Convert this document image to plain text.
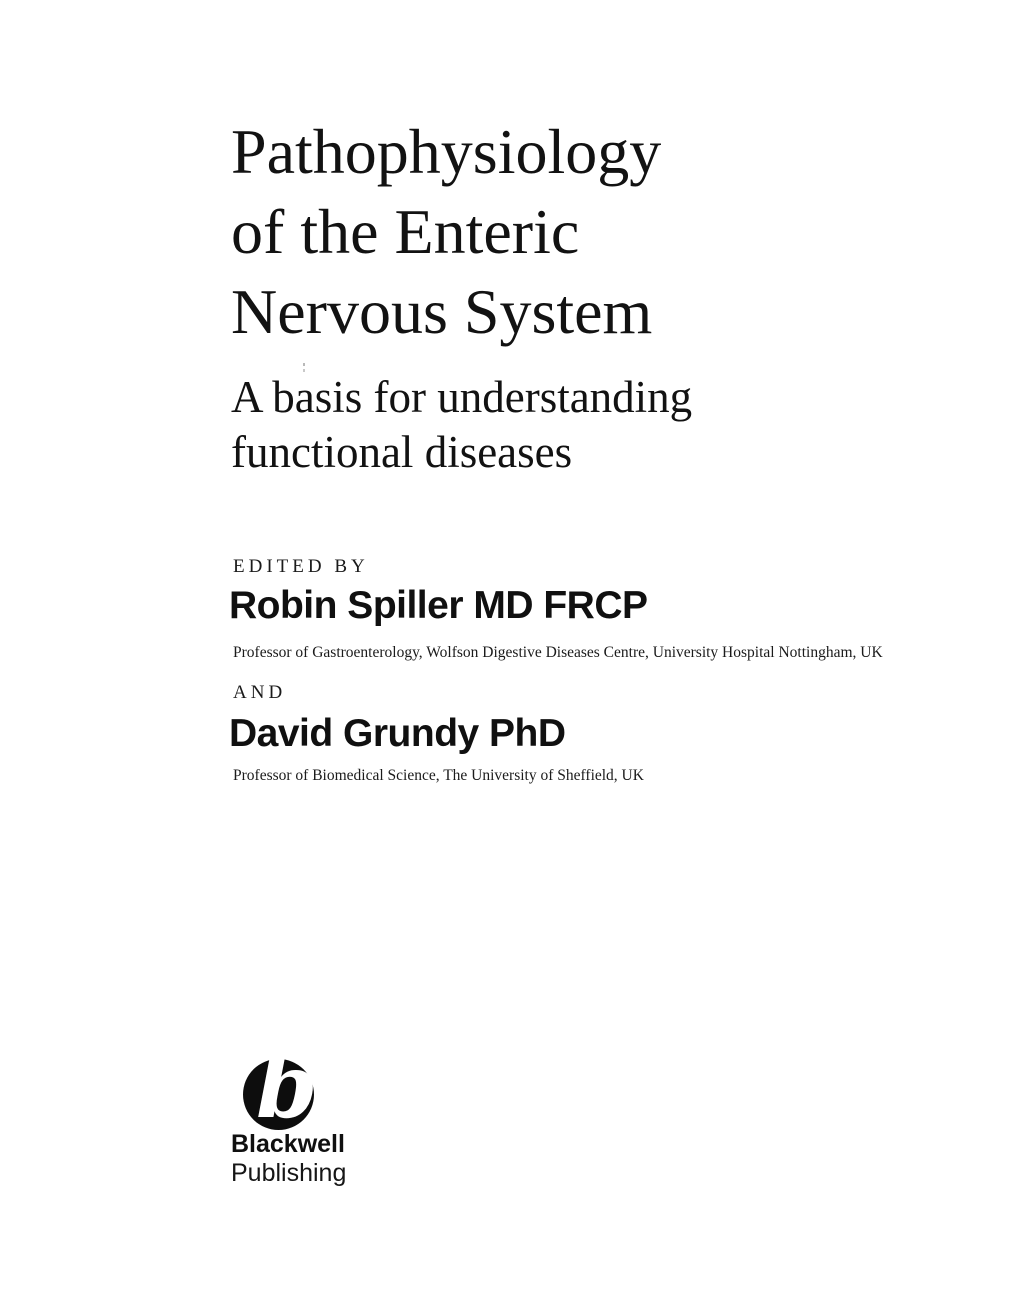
Pathophysiology
of the Enteric
Nervous System
A basis for understanding
functional diseases
EDITED BY
Robin Spiller MD FRCP
Professor of Gastroenterology, Wolfson Digestive Diseases Centre, University Hospital Nottingham, UK
AND
David Grundy PhD
Professor of Biomedical Science, The University of Sheffield, UK
b
Blackwell
Publishing
